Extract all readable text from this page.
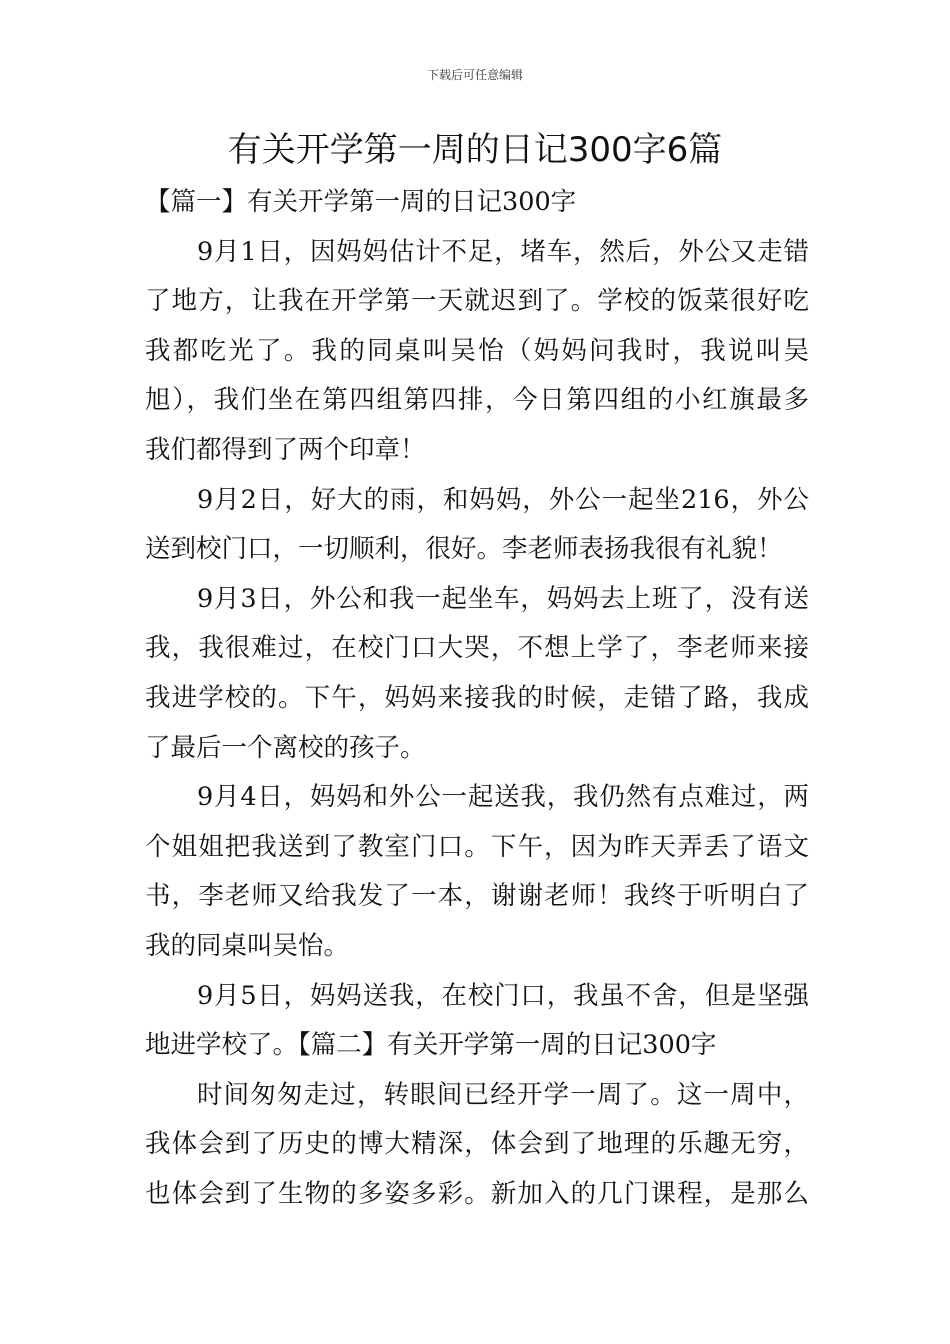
下载后可任意编辑
有关开学第一周的日记300字6篇
【篇一】有关开学第一周的日记300字
9月1日，因妈妈估计不足，堵车，然后，外公又走错
了地方，让我在开学第一天就迟到了。学校的饭菜很好吃
我都吃光了。我的同桌叫吴怡（妈妈问我时，我说叫吴
旭），我们坐在第四组第四排，今日第四组的小红旗最多
我们都得到了两个印章！
9月2日，好大的雨，和妈妈，外公一起坐216，外公
送到校门口，一切顺利，很好。李老师表扬我很有礼貌！
9月3日，外公和我一起坐车，妈妈去上班了，没有送
我，我很难过，在校门口大哭，不想上学了，李老师来接
我进学校的。下午，妈妈来接我的时候，走错了路，我成
了最后一个离校的孩子。
9月4日，妈妈和外公一起送我，我仍然有点难过，两
个姐姐把我送到了教室门口。下午，因为昨天弄丢了语文
书，李老师又给我发了一本，谢谢老师！我终于听明白了
我的同桌叫吴怡。
9月5日，妈妈送我，在校门口，我虽不舍，但是坚强
地进学校了。【篇二】有关开学第一周的日记300字
时间匆匆走过，转眼间已经开学一周了。这一周中，
我体会到了历史的博大精深，体会到了地理的乐趣无穷，
也体会到了生物的多姿多彩。新加入的几门课程，是那么
